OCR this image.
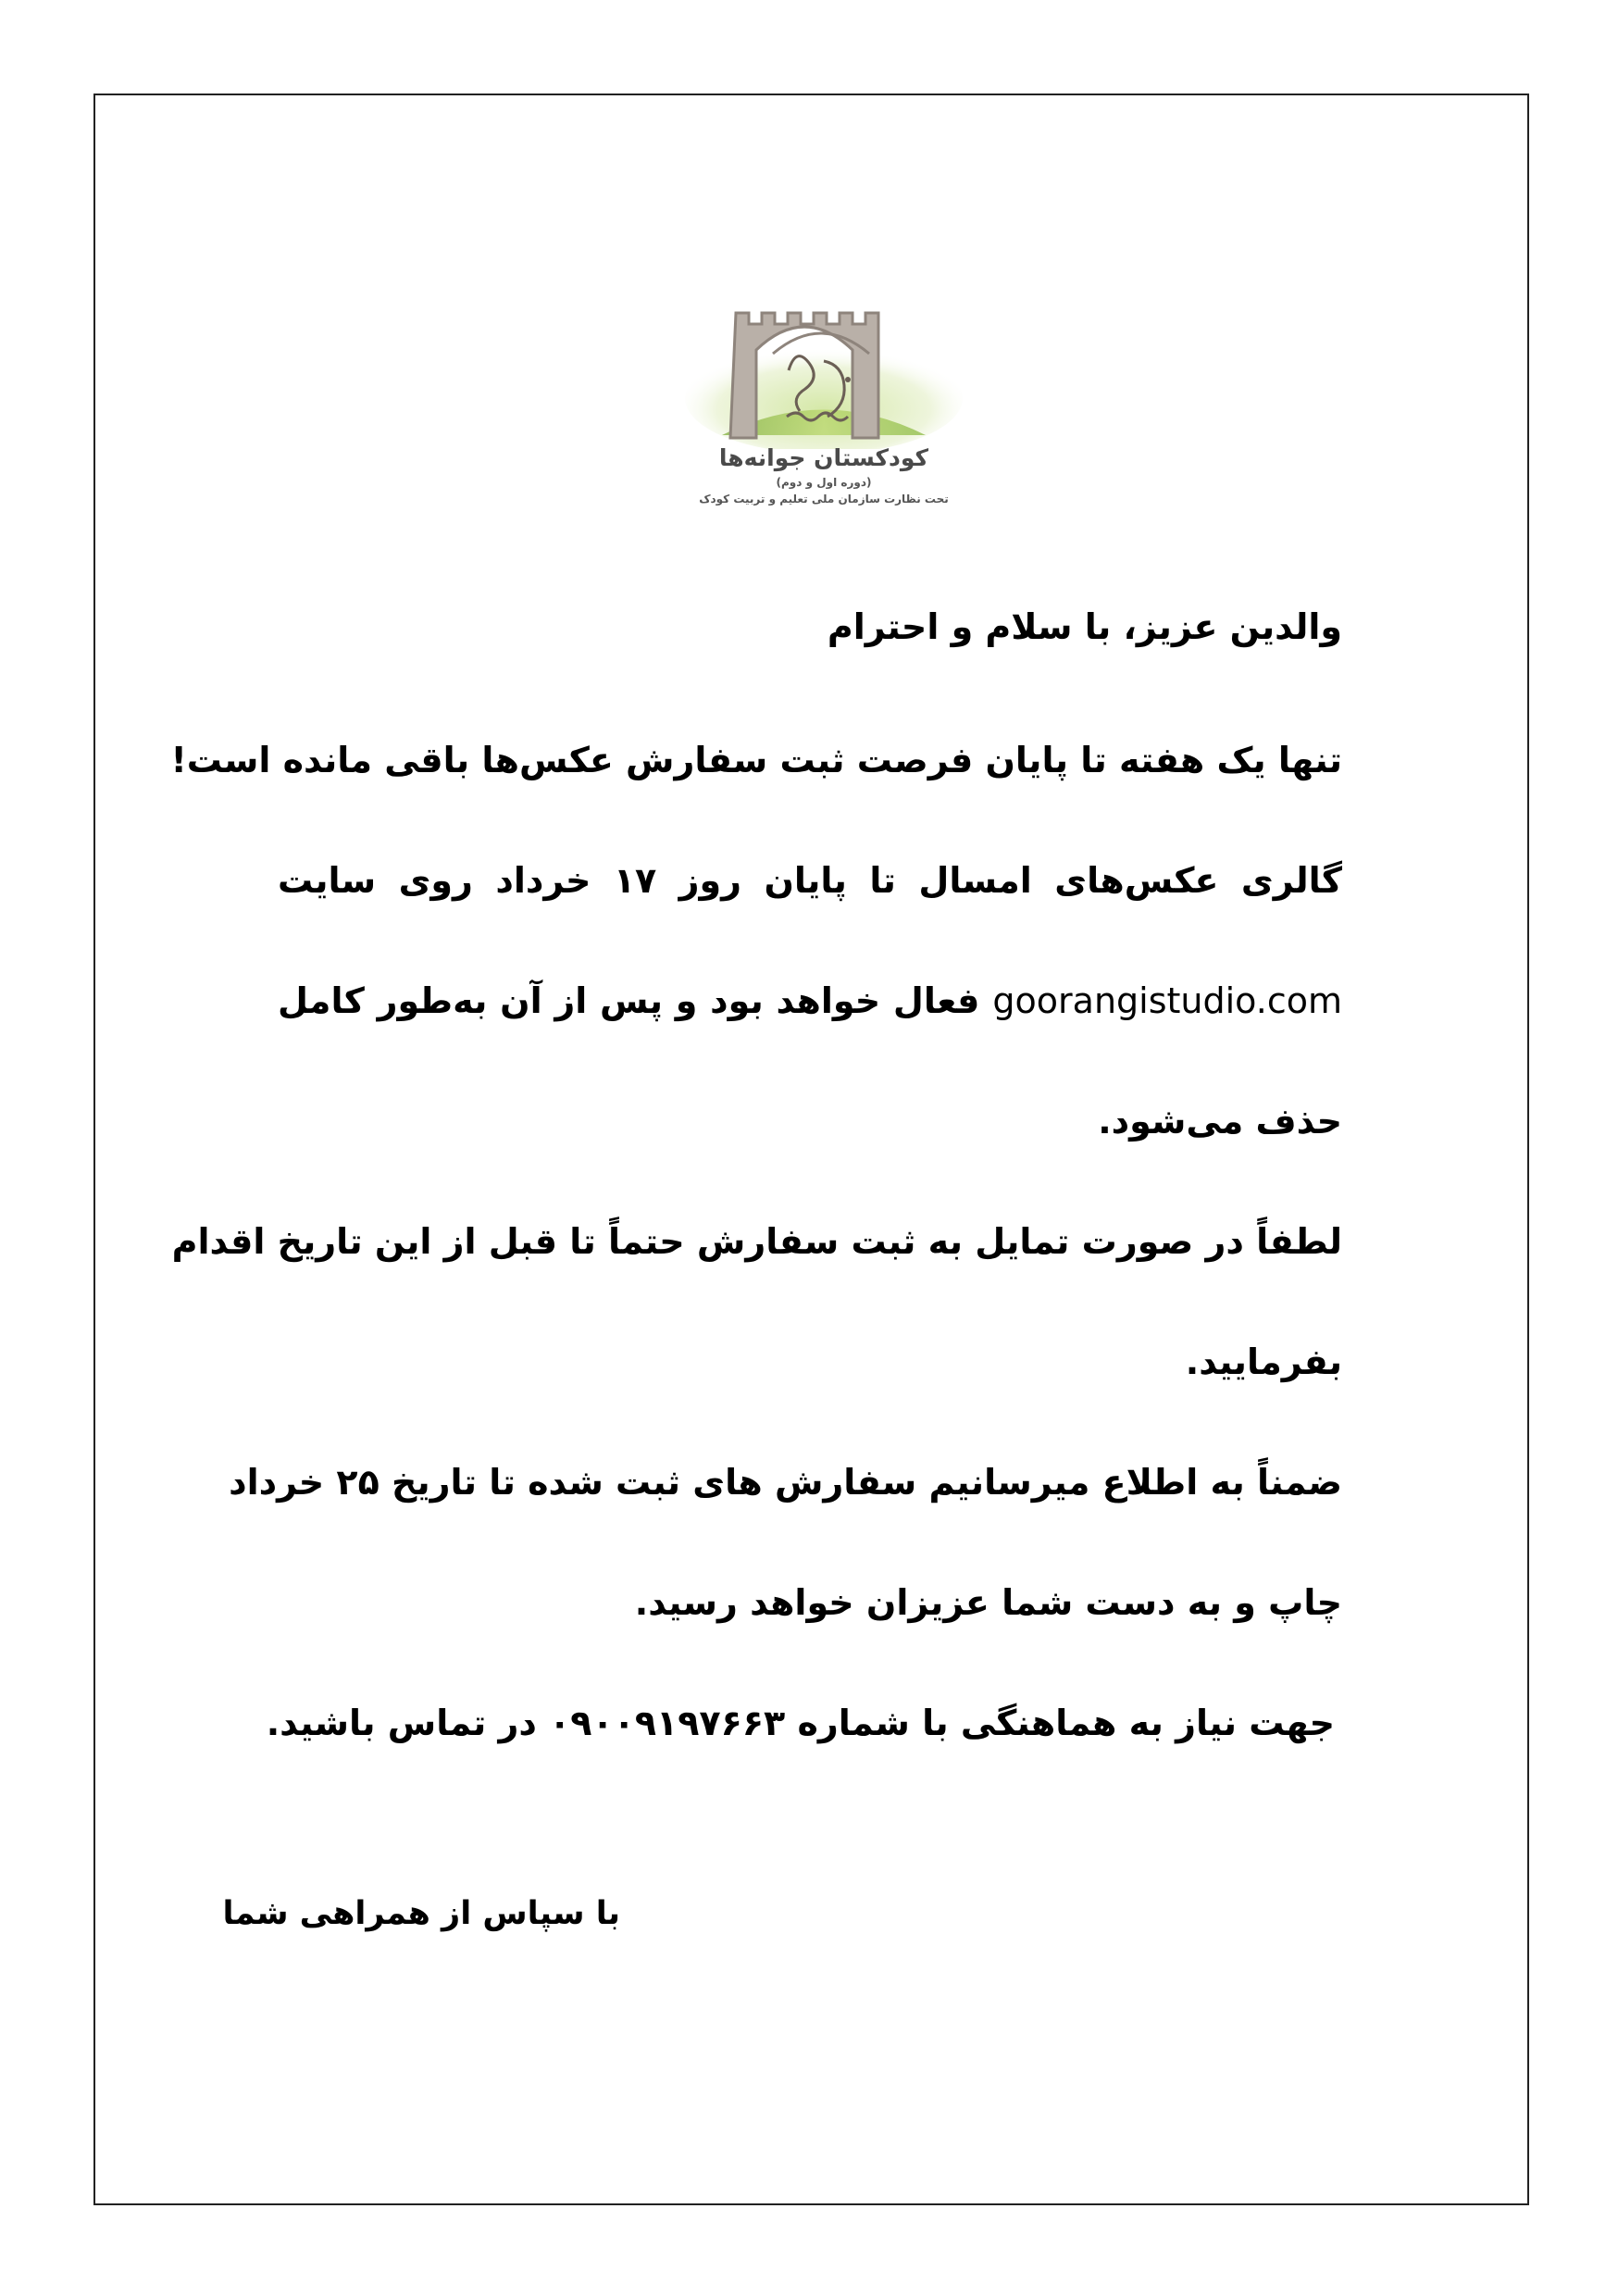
کودکستان جوانه‌ها
(دوره اول و دوم)
تحت نظارت سازمان ملی تعلیم و تربیت کودک
والدین عزیز، با سلام و احترام
تنها یک هفته تا پایان فرصت ثبت سفارش عکس‌ها باقی مانده است!
گالری عکس‌های امسال تا پایان روز ۱۷ خرداد روی سایت
goorangistudio.comفعال خواهد بود و پس از آن به‌طور کامل
حذف می‌شود.
لطفاً در صورت تمایل به ثبت سفارش حتماً تا قبل از این تاریخ اقدام
بفرمایید.
ضمناً به اطلاع میرسانیم سفارش های ثبت شده تا تاریخ ۲۵ خرداد
چاپ و به دست شما عزیزان خواهد رسید.
جهت نیاز به هماهنگی با شماره ۰۹۰۰۹۱۹۷۶۶۳ در تماس باشید.
با سپاس از همراهی شما
